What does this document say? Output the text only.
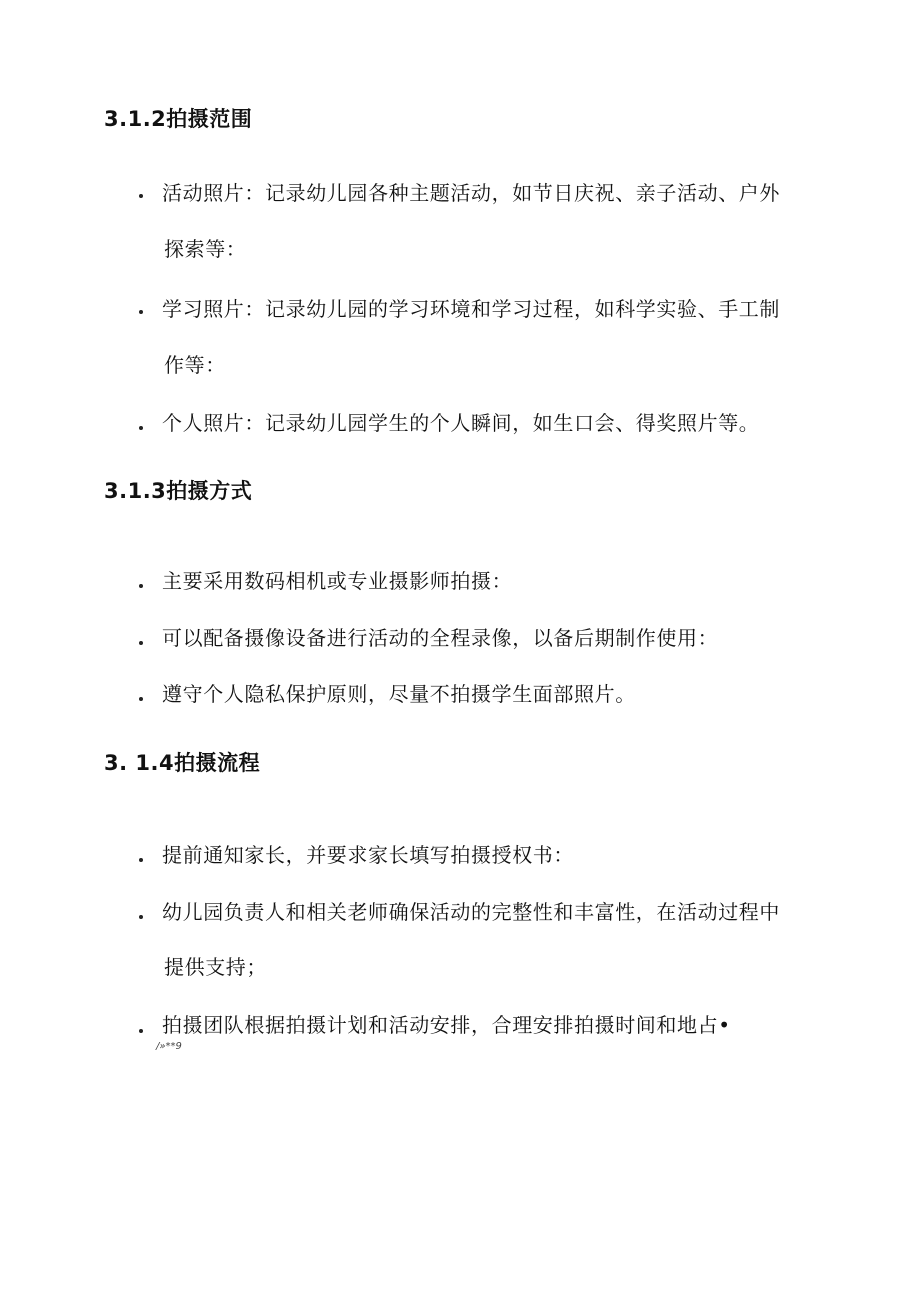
3.1.2拍摄范围
活动照片：记录幼儿园各种主题活动，如节日庆祝、亲子活动、户外
探索等：
学习照片：记录幼儿园的学习环境和学习过程，如科学实验、手工制
作等：
个人照片：记录幼儿园学生的个人瞬间，如生口会、得奖照片等。
3.1.3拍摄方式
主要采用数码相机或专业摄影师拍摄：
可以配备摄像设备进行活动的全程录像，以备后期制作使用：
遵守个人隐私保护原则，尽量不拍摄学生面部照片。
3. 1.4拍摄流程
提前通知家长，并要求家长填写拍摄授权书：
幼儿园负责人和相关老师确保活动的完整性和丰富性，在活动过程中
提供支持；
拍摄团队根据拍摄计划和活动安排，合理安排拍摄时间和地占•
/»**9
